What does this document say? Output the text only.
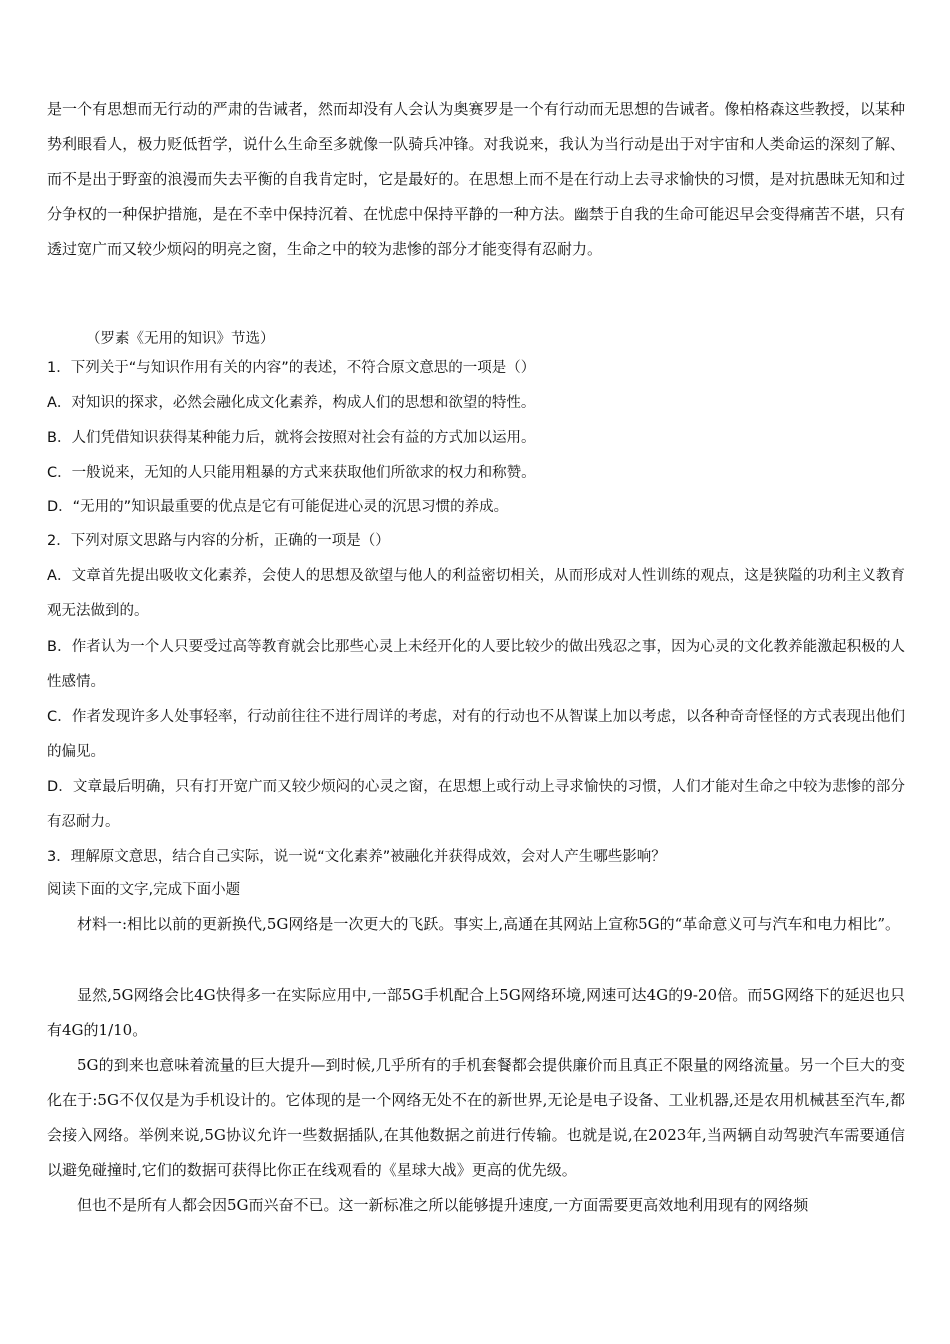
是一个有思想而无行动的严肃的告诫者，然而却没有人会认为奥赛罗是一个有行动而无思想的告诫者。像柏格森这些教授，以某种势利眼看人，极力贬低哲学，说什么生命至多就像一队骑兵冲锋。对我说来，我认为当行动是出于对宇宙和人类命运的深刻了解、而不是出于野蛮的浪漫而失去平衡的自我肯定时，它是最好的。在思想上而不是在行动上去寻求愉快的习惯，是对抗愚昧无知和过分争权的一种保护措施，是在不幸中保持沉着、在忧虑中保持平静的一种方法。幽禁于自我的生命可能迟早会变得痛苦不堪，只有透过宽广而又较少烦闷的明亮之窗，生命之中的较为悲惨的部分才能变得有忍耐力。

（罗素《无用的知识》节选）

1．下列关于“与知识作用有关的内容”的表述，不符合原文意思的一项是（）

A．对知识的探求，必然会融化成文化素养，构成人们的思想和欲望的特性。

B．人们凭借知识获得某种能力后，就将会按照对社会有益的方式加以运用。

C．一般说来，无知的人只能用粗暴的方式来获取他们所欲求的权力和称赞。

D．“无用的”知识最重要的优点是它有可能促进心灵的沉思习惯的养成。

2．下列对原文思路与内容的分析，正确的一项是（）

A．文章首先提出吸收文化素养，会使人的思想及欲望与他人的利益密切相关，从而形成对人性训练的观点，这是狭隘的功利主义教育观无法做到的。

B．作者认为一个人只要受过高等教育就会比那些心灵上未经开化的人要比较少的做出残忍之事，因为心灵的文化教养能激起积极的人性感情。

C．作者发现许多人处事轻率，行动前往往不进行周详的考虑，对有的行动也不从智谋上加以考虑，以各种奇奇怪怪的方式表现出他们的偏见。

D．文章最后明确，只有打开宽广而又较少烦闷的心灵之窗，在思想上或行动上寻求愉快的习惯，人们才能对生命之中较为悲惨的部分有忍耐力。

3．理解原文意思，结合自己实际，说一说“文化素养”被融化并获得成效，会对人产生哪些影响？

阅读下面的文字,完成下面小题

材料一:相比以前的更新换代,5G网络是一次更大的飞跃。事实上,高通在其网站上宣称5G的“革命意义可与汽车和电力相比”。

显然,5G网络会比4G快得多一在实际应用中,一部5G手机配合上5G网络环境,网速可达4G的9-20倍。而5G网络下的延迟也只有4G的1/10。

5G的到来也意味着流量的巨大提升—到时候,几乎所有的手机套餐都会提供廉价而且真正不限量的网络流量。另一个巨大的变化在于:5G不仅仅是为手机设计的。它体现的是一个网络无处不在的新世界,无论是电子设备、工业机器,还是农用机械甚至汽车,都会接入网络。举例来说,5G协议允许一些数据插队,在其他数据之前进行传输。也就是说,在2023年,当两辆自动驾驶汽车需要通信以避免碰撞时,它们的数据可获得比你正在线观看的《星球大战》更高的优先级。

但也不是所有人都会因5G而兴奋不已。这一新标准之所以能够提升速度,一方面需要更高效地利用现有的网络频
